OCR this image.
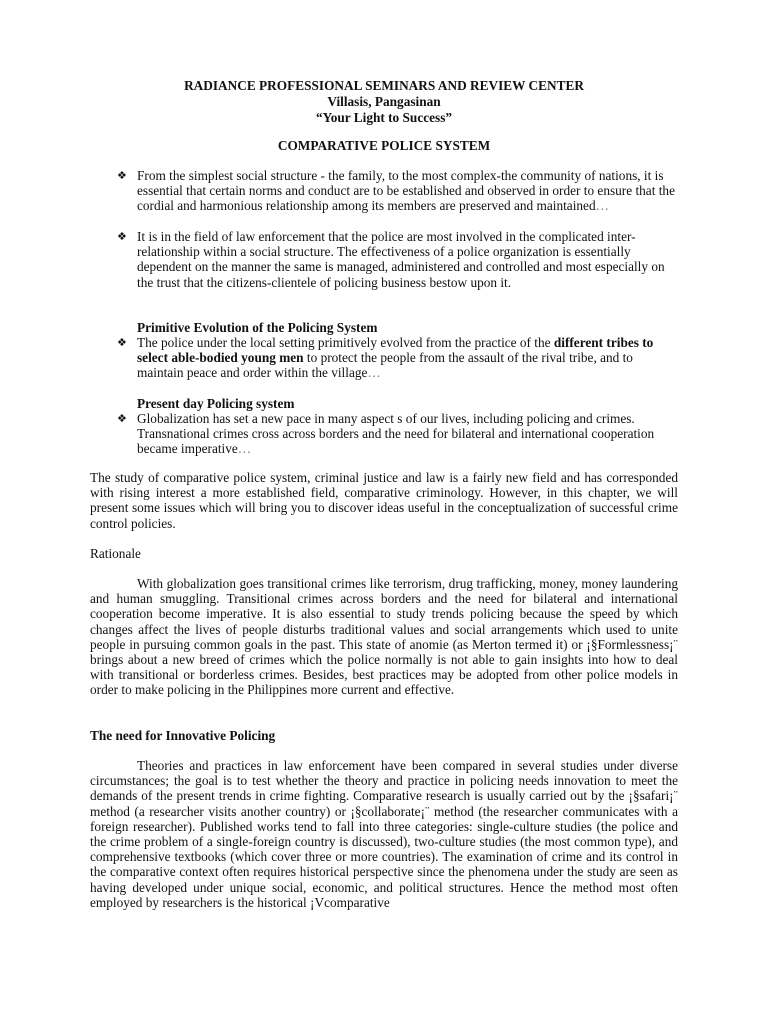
RADIANCE PROFESSIONAL SEMINARS AND REVIEW CENTER
Villasis, Pangasinan
“Your Light to Success”
COMPARATIVE POLICE SYSTEM
❖ From the simplest social structure - the family, to the most complex-the community of nations, it is essential that certain norms and conduct are to be established and observed in order to ensure that the cordial and harmonious relationship among its members are preserved and maintained…
❖ It is in the field of law enforcement that the police are most involved in the complicated inter-relationship within a social structure. The effectiveness of a police organization is essentially dependent on the manner the same is managed, administered and controlled and most especially on the trust that the citizens-clientele of policing business bestow upon it.
Primitive Evolution of the Policing System
❖ The police under the local setting primitively evolved from the practice of the different tribes to select able-bodied young men to protect the people from the assault of the rival tribe, and to maintain peace and order within the village…
Present day Policing system
❖ Globalization has set a new pace in many aspect s of our lives, including policing and crimes. Transnational crimes cross across borders and the need for bilateral and international cooperation became imperative…
The study of comparative police system, criminal justice and law is a fairly new field and has corresponded with rising interest a more established field, comparative criminology. However, in this chapter, we will present some issues which will bring you to discover ideas useful in the conceptualization of successful crime control policies.
Rationale
With globalization goes transitional crimes like terrorism, drug trafficking, money, money laundering and human smuggling. Transitional crimes across borders and the need for bilateral and international cooperation become imperative. It is also essential to study trends policing because the speed by which changes affect the lives of people disturbs traditional values and social arrangements which used to unite people in pursuing common goals in the past. This state of anomie (as Merton termed it) or ¡§Formlessness¡¨ brings about a new breed of crimes which the police normally is not able to gain insights into how to deal with transitional or borderless crimes. Besides, best practices may be adopted from other police models in order to make policing in the Philippines more current and effective.
The need for Innovative Policing
Theories and practices in law enforcement have been compared in several studies under diverse circumstances; the goal is to test whether the theory and practice in policing needs innovation to meet the demands of the present trends in crime fighting. Comparative research is usually carried out by the ¡§safari¡¨ method (a researcher visits another country) or ¡§collaborate¡¨ method (the researcher communicates with a foreign researcher). Published works tend to fall into three categories: single-culture studies (the police and the crime problem of a single-foreign country is discussed), two-culture studies (the most common type), and comprehensive textbooks (which cover three or more countries). The examination of crime and its control in the comparative context often requires historical perspective since the phenomena under the study are seen as having developed under unique social, economic, and political structures. Hence the method most often employed by researchers is the historical ¡Vcomparative
